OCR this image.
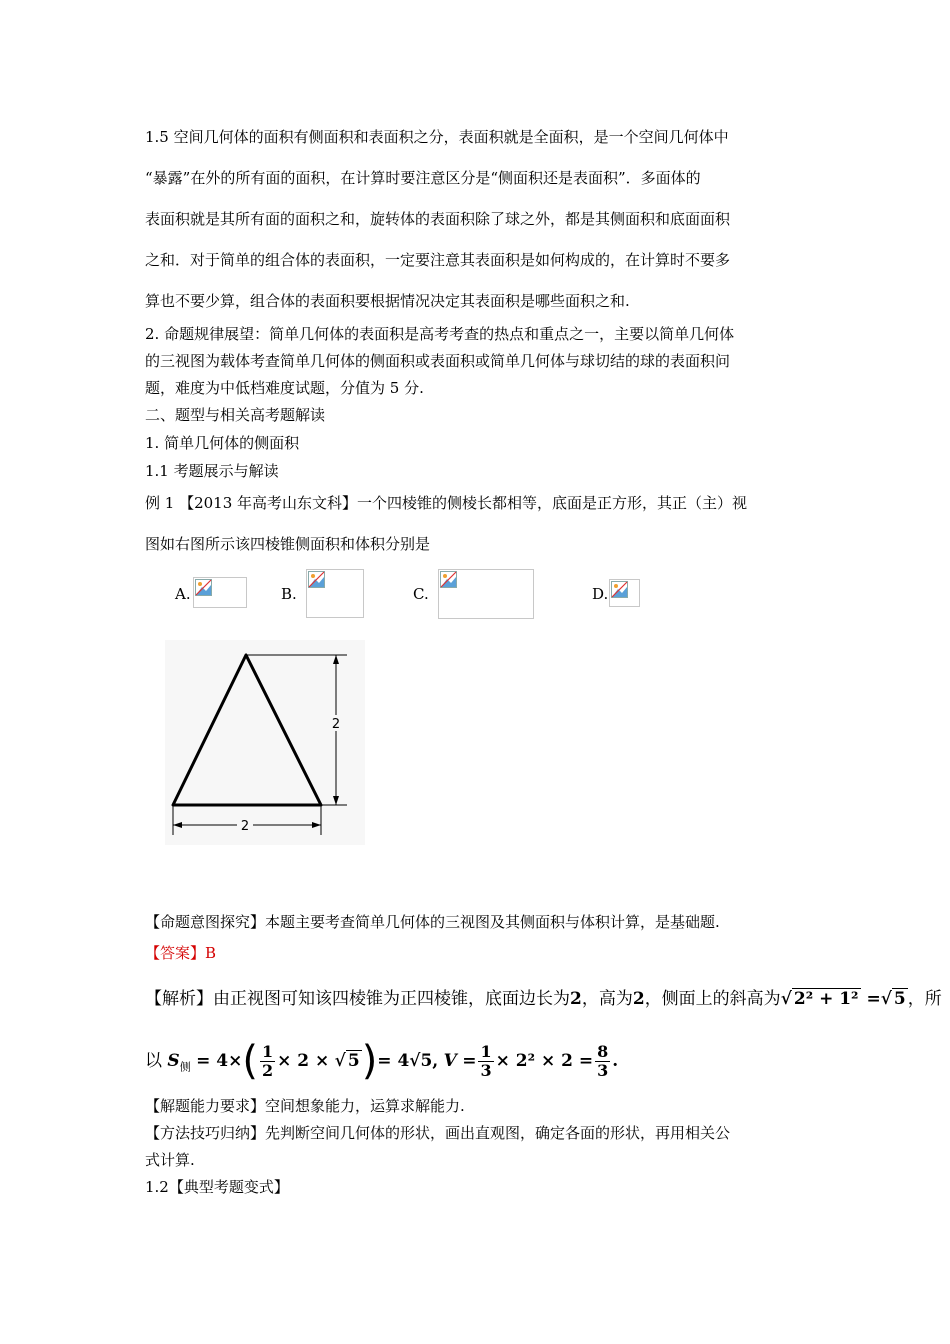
1.5 空间几何体的面积有侧面积和表面积之分，表面积就是全面积，是一个空间几何体中
“暴露”在外的所有面的面积，在计算时要注意区分是“侧面积还是表面积”．多面体的
表面积就是其所有面的面积之和，旋转体的表面积除了球之外，都是其侧面积和底面面积
之和．对于简单的组合体的表面积，一定要注意其表面积是如何构成的，在计算时不要多
算也不要少算，组合体的表面积要根据情况决定其表面积是哪些面积之和.
2. 命题规律展望：简单几何体的表面积是高考考查的热点和重点之一，主要以简单几何体
的三视图为载体考查简单几何体的侧面积或表面积或简单几何体与球切结的球的表面积问
题，难度为中低档难度试题，分值为 5 分.
二、题型与相关高考题解读
1. 简单几何体的侧面积
1.1 考题展示与解读
例 1 【2013 年高考山东文科】一个四棱锥的侧棱长都相等，底面是正方形，其正（主）视
图如右图所示该四棱锥侧面积和体积分别是
A.	B.	C.	D.
2
2
【命题意图探究】本题主要考查简单几何体的三视图及其侧面积与体积计算，是基础题.
【答案】B
【解析】由正视图可知该四棱锥为正四棱锥，底面边长为2，高为2，侧面上的斜高为√ 2² + 1² =√ 5 ，所
以 $S_侧 = 4\times( \frac{1}{2} \times 2$ × √ 5)= 4√5, $V = \frac{1}{3} \times 2^2 \times 2 = \frac{8}{3}$ .
【解题能力要求】空间想象能力，运算求解能力.
【方法技巧归纳】先判断空间几何体的形状，画出直观图，确定各面的形状，再用相关公
式计算.
1.2【典型考题变式】
